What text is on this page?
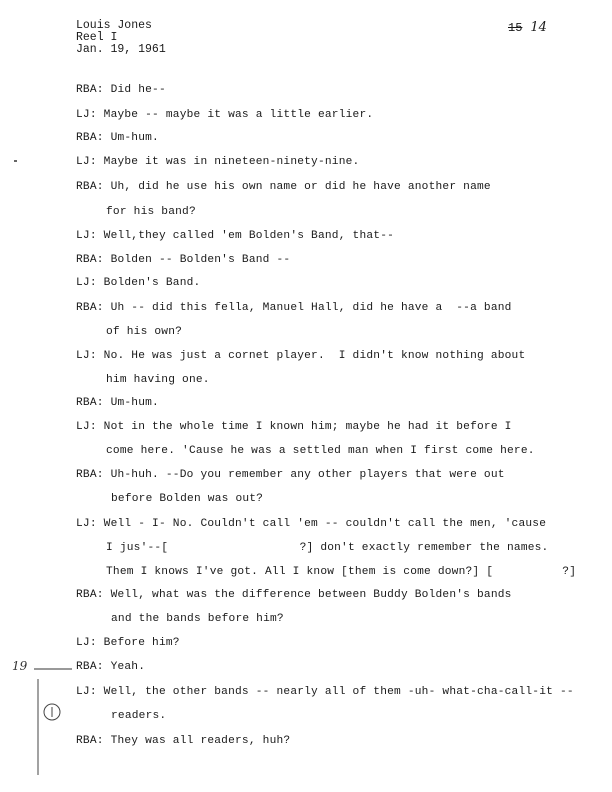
Louis Jones
Reel I
Jan. 19, 1961
15 14
19
RBA: Did he--
LJ: Maybe -- maybe it was a little earlier.
RBA: Um-hum.
LJ: Maybe it was in nineteen-ninety-nine.
RBA: Uh, did he use his own name or did he have another name
for his band?
LJ: Well,they called 'em Bolden's Band, that--
RBA: Bolden -- Bolden's Band --
LJ: Bolden's Band.
RBA: Uh -- did this fella, Manuel Hall, did he have a  --a band
of his own?
LJ: No. He was just a cornet player.  I didn't know nothing about
him having one.
RBA: Um-hum.
LJ: Not in the whole time I known him; maybe he had it before I
come here. 'Cause he was a settled man when I first come here.
RBA: Uh-huh. --Do you remember any other players that were out
before Bolden was out?
LJ: Well - I- No. Couldn't call 'em -- couldn't call the men, 'cause
I jus'--[                   ?] don't exactly remember the names.
Them I knows I've got. All I know [them is come down?] [          ?]
RBA: Well, what was the difference between Buddy Bolden's bands
and the bands before him?
LJ: Before him?
RBA: Yeah.
LJ: Well, the other bands -- nearly all of them -uh- what-cha-call-it --
readers.
RBA: They was all readers, huh?
